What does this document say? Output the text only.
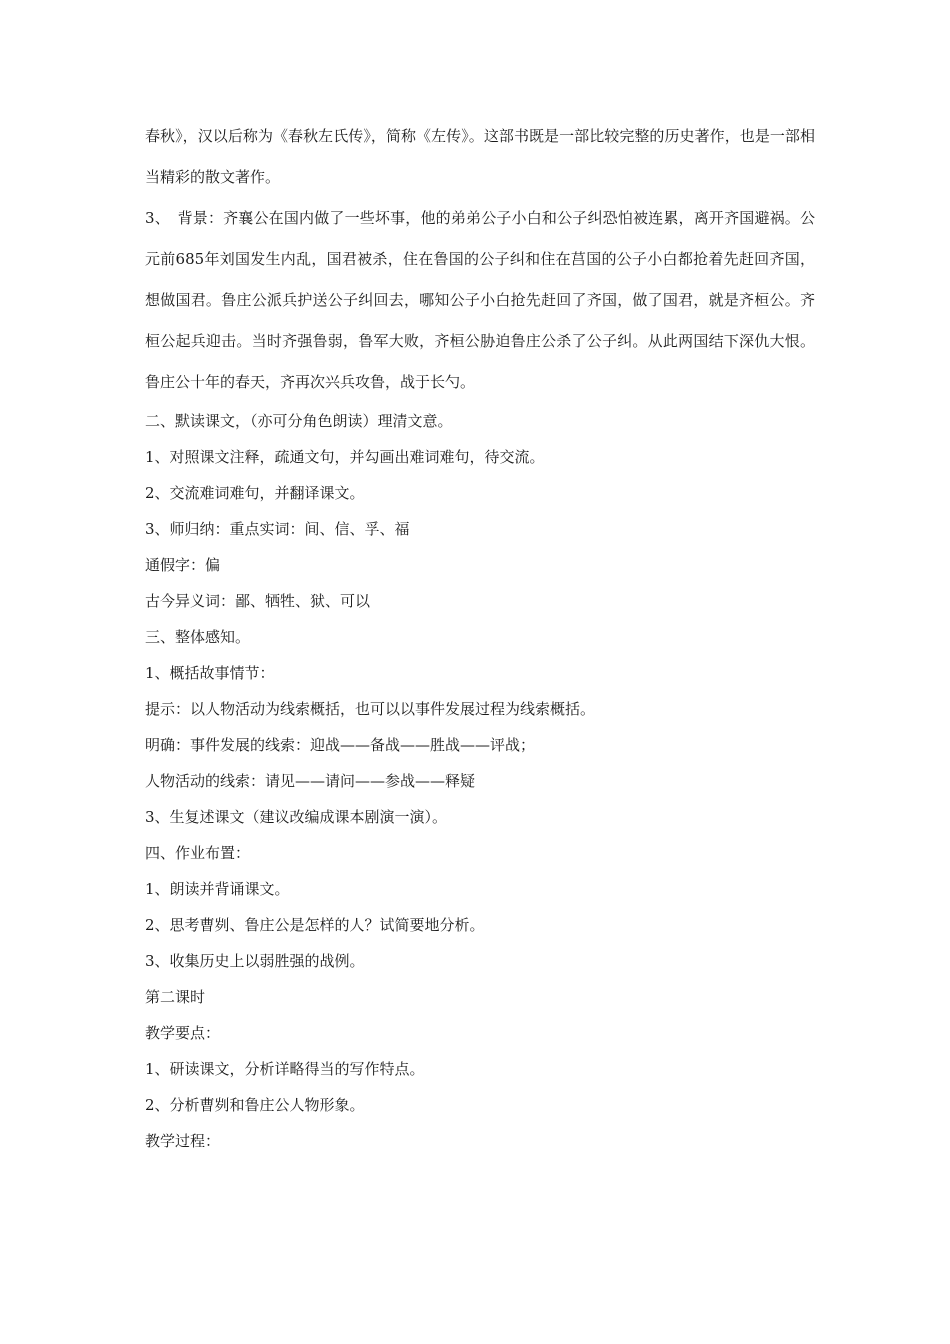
春秋》，汉以后称为《春秋左氏传》，简称《左传》。这部书既是一部比较完整的历史著作，也是一部相当精彩的散文著作。

3、　背景：齐襄公在国内做了一些坏事，他的弟弟公子小白和公子纠恐怕被连累，离开齐国避祸。公元前685年刘国发生内乱，国君被杀，住在鲁国的公子纠和住在莒国的公子小白都抢着先赶回齐国，想做国君。鲁庄公派兵护送公子纠回去，哪知公子小白抢先赶回了齐国，做了国君，就是齐桓公。齐桓公起兵迎击。当时齐强鲁弱，鲁军大败，齐桓公胁迫鲁庄公杀了公子纠。从此两国结下深仇大恨。鲁庄公十年的春天，齐再次兴兵攻鲁，战于长勺。

二、默读课文，（亦可分角色朗读）理清文意。

1、对照课文注释，疏通文句，并勾画出难词难句，待交流。

2、交流难词难句，并翻译课文。

3、师归纳：重点实词：间、信、孚、福

通假字：偏

古今异义词：鄙、牺牲、狱、可以

三、整体感知。

1、概括故事情节：

提示：以人物活动为线索概括，也可以以事件发展过程为线索概括。

明确：事件发展的线索：迎战——备战——胜战——评战；

人物活动的线索：请见——请问——参战——释疑

3、生复述课文（建议改编成课本剧演一演）。

四、作业布置：

1、朗读并背诵课文。

2、思考曹刿、鲁庄公是怎样的人？试简要地分析。

3、收集历史上以弱胜强的战例。

第二课时

教学要点：

1、研读课文，分析详略得当的写作特点。

2、分析曹刿和鲁庄公人物形象。

教学过程：
